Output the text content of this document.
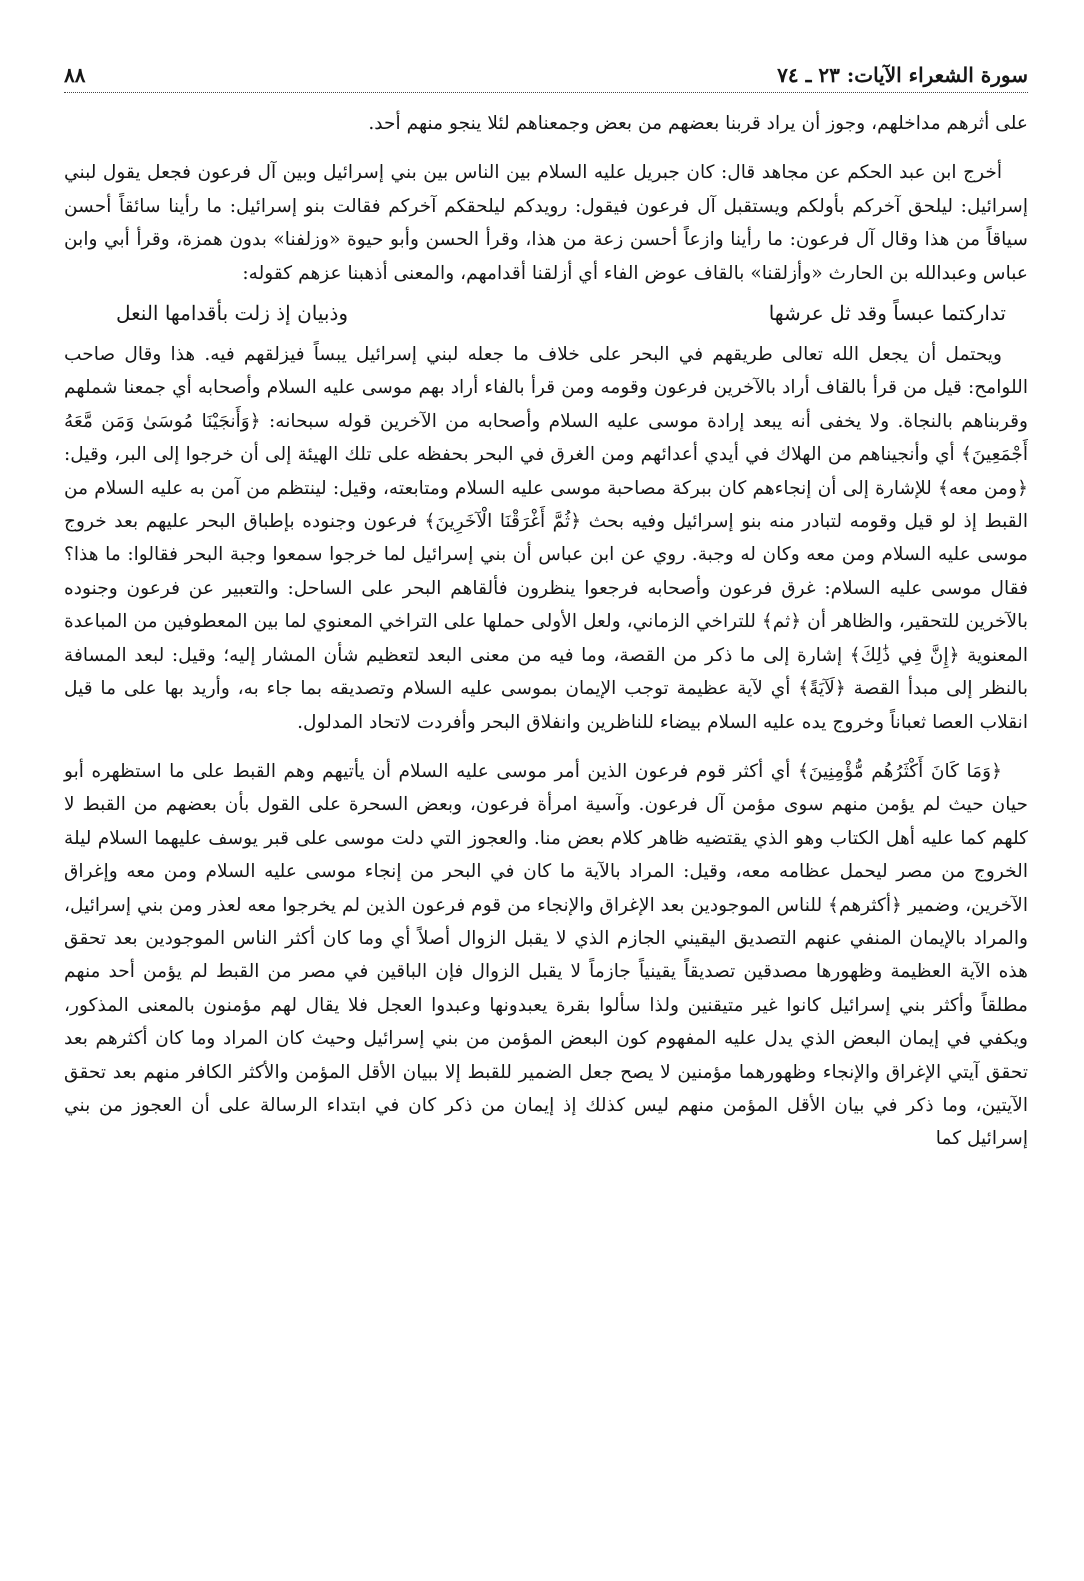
سورة الشعراء الآيات: ٢٣ ـ ٧٤
٨٨

على أثرهم مداخلهم، وجوز أن يراد قربنا بعضهم من بعض وجمعناهم لئلا ينجو منهم أحد.

أخرج ابن عبد الحكم عن مجاهد قال: كان جبريل عليه السلام بين الناس بين بني إسرائيل وبين آل فرعون فجعل يقول لبني إسرائيل: ليلحق آخركم بأولكم ويستقبل آل فرعون فيقول: رويدكم ليلحقكم آخركم فقالت بنو إسرائيل: ما رأينا سائقاً أحسن سياقاً من هذا وقال آل فرعون: ما رأينا وازعاً أحسن زعة من هذا، وقرأ الحسن وأبو حيوة «وزلفنا» بدون همزة، وقرأ أبي وابن عباس وعبدالله بن الحارث «وأزلقنا» بالقاف عوض الفاء أي أزلقنا أقدامهم، والمعنى أذهبنا عزهم كقوله:

تداركتما عبساً وقد ثل عرشها
وذبيان إذ زلت بأقدامها النعل

ويحتمل أن يجعل الله تعالى طريقهم في البحر على خلاف ما جعله لبني إسرائيل يبساً فيزلقهم فيه. هذا وقال صاحب اللوامح: قيل من قرأ بالقاف أراد بالآخرين فرعون وقومه ومن قرأ بالفاء أراد بهم موسى عليه السلام وأصحابه أي جمعنا شملهم وقربناهم بالنجاة. ولا يخفى أنه يبعد إرادة موسى عليه السلام وأصحابه من الآخرين قوله سبحانه: ﴿وَأَنجَيْنَا مُوسَىٰ وَمَن مَّعَهُ أَجْمَعِينَ﴾ أي وأنجيناهم من الهلاك في أيدي أعدائهم ومن الغرق في البحر بحفظه على تلك الهيئة إلى أن خرجوا إلى البر، وقيل: ﴿ومن معه﴾ للإشارة إلى أن إنجاءهم كان ببركة مصاحبة موسى عليه السلام ومتابعته، وقيل: لينتظم من آمن به عليه السلام من القبط إذ لو قيل وقومه لتبادر منه بنو إسرائيل وفيه بحث ﴿ثُمَّ أَغْرَقْنَا الْآخَرِينَ﴾ فرعون وجنوده بإطباق البحر عليهم بعد خروج موسى عليه السلام ومن معه وكان له وجبة. روي عن ابن عباس أن بني إسرائيل لما خرجوا سمعوا وجبة البحر فقالوا: ما هذا؟ فقال موسى عليه السلام: غرق فرعون وأصحابه فرجعوا ينظرون فألقاهم البحر على الساحل: والتعبير عن فرعون وجنوده بالآخرين للتحقير، والظاهر أن ﴿ثم﴾ للتراخي الزماني، ولعل الأولى حملها على التراخي المعنوي لما بين المعطوفين من المباعدة المعنوية ﴿إِنَّ فِي ذَٰلِكَ﴾ إشارة إلى ما ذكر من القصة، وما فيه من معنى البعد لتعظيم شأن المشار إليه؛ وقيل: لبعد المسافة بالنظر إلى مبدأ القصة ﴿لَآيَةً﴾ أي لآية عظيمة توجب الإيمان بموسى عليه السلام وتصديقه بما جاء به، وأريد بها على ما قيل انقلاب العصا ثعباناً وخروج يده عليه السلام بيضاء للناظرين وانفلاق البحر وأفردت لاتحاد المدلول.

﴿وَمَا كَانَ أَكْثَرُهُم مُّؤْمِنِينَ﴾ أي أكثر قوم فرعون الذين أمر موسى عليه السلام أن يأتيهم وهم القبط على ما استظهره أبو حيان حيث لم يؤمن منهم سوى مؤمن آل فرعون. وآسية امرأة فرعون، وبعض السحرة على القول بأن بعضهم من القبط لا كلهم كما عليه أهل الكتاب وهو الذي يقتضيه ظاهر كلام بعض منا. والعجوز التي دلت موسى على قبر يوسف عليهما السلام ليلة الخروج من مصر ليحمل عظامه معه، وقيل: المراد بالآية ما كان في البحر من إنجاء موسى عليه السلام ومن معه وإغراق الآخرين، وضمير ﴿أكثرهم﴾ للناس الموجودين بعد الإغراق والإنجاء من قوم فرعون الذين لم يخرجوا معه لعذر ومن بني إسرائيل، والمراد بالإيمان المنفي عنهم التصديق اليقيني الجازم الذي لا يقبل الزوال أصلاً أي وما كان أكثر الناس الموجودين بعد تحقق هذه الآية العظيمة وظهورها مصدقين تصديقاً يقينياً جازماً لا يقبل الزوال فإن الباقين في مصر من القبط لم يؤمن أحد منهم مطلقاً وأكثر بني إسرائيل كانوا غير متيقنين ولذا سألوا بقرة يعبدونها وعبدوا العجل فلا يقال لهم مؤمنون بالمعنى المذكور، ويكفي في إيمان البعض الذي يدل عليه المفهوم كون البعض المؤمن من بني إسرائيل وحيث كان المراد وما كان أكثرهم بعد تحقق آيتي الإغراق والإنجاء وظهورهما مؤمنين لا يصح جعل الضمير للقبط إلا ببيان الأقل المؤمن والأكثر الكافر منهم بعد تحقق الآيتين، وما ذكر في بيان الأقل المؤمن منهم ليس كذلك إذ إيمان من ذكر كان في ابتداء الرسالة على أن العجوز من بني إسرائيل كما
